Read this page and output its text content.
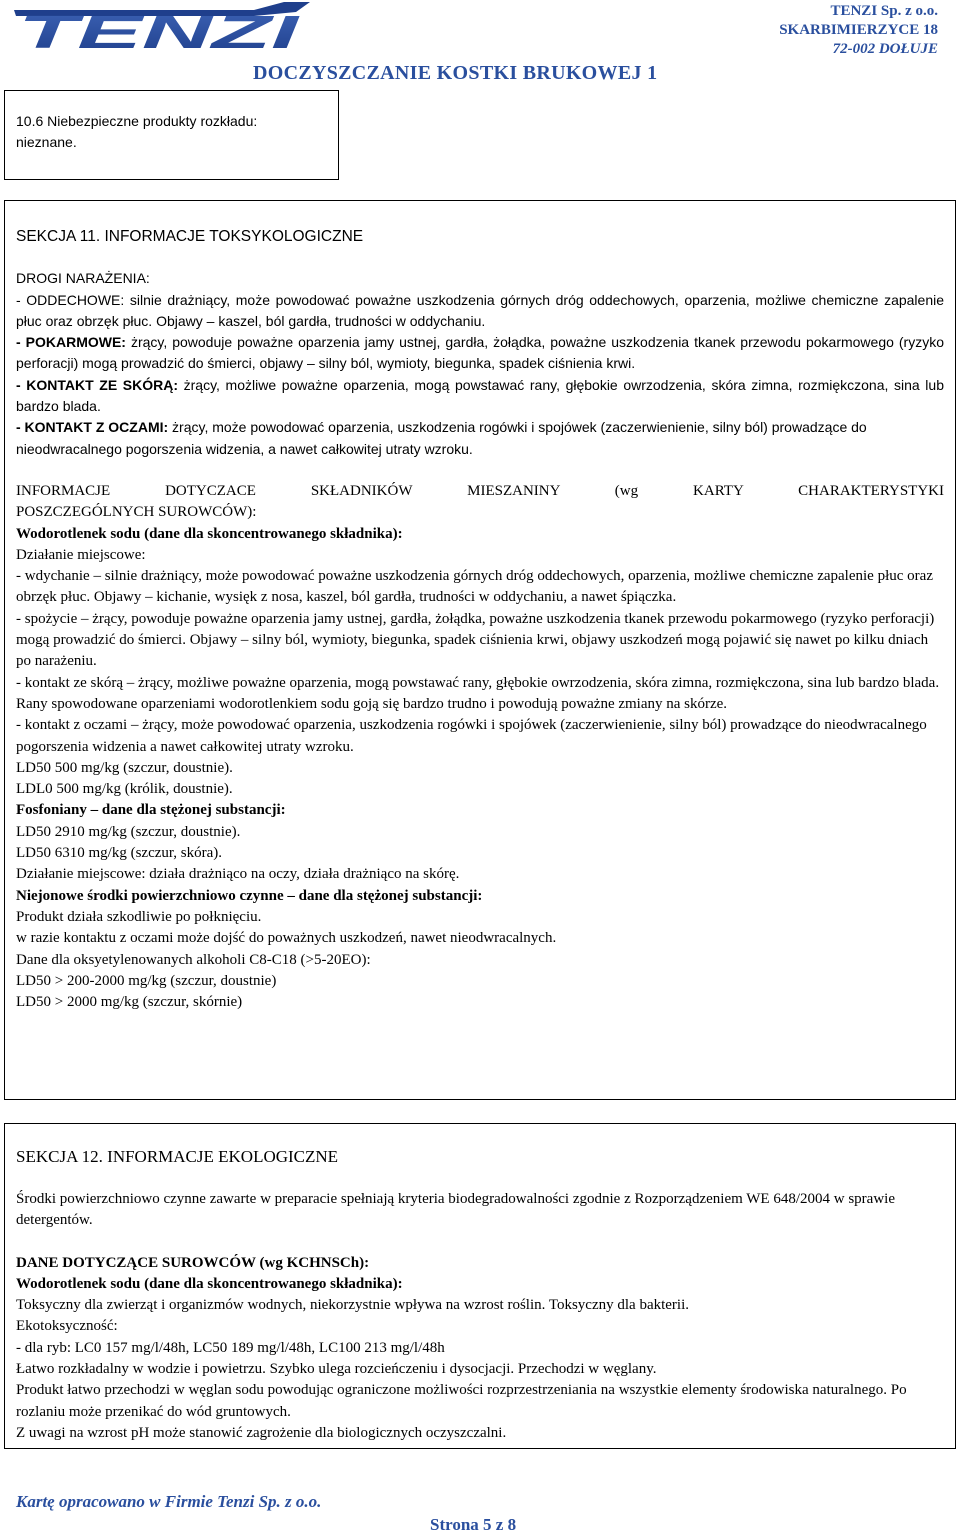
TENZI	TENZI Sp. z o.o.
SKARBIMIERZYCE 18
72-002 DOŁUJE
DOCZYSZCZANIE KOSTKI BRUKOWEJ 1

10.6 Niebezpieczne produkty rozkładu:

nieznane.

SEKCJA 11. INFORMACJE TOKSYKOLOGICZNE

DROGI NARAŻENIA:

- ODDECHOWE: silnie drażniący, może powodować poważne uszkodzenia górnych dróg oddechowych, oparzenia, możliwe chemiczne zapalenie płuc oraz obrzęk płuc. Objawy – kaszel, ból gardła, trudności w oddychaniu.

- POKARMOWE: żrący, powoduje poważne oparzenia jamy ustnej, gardła, żołądka, poważne uszkodzenia tkanek przewodu pokarmowego (ryzyko perforacji) mogą prowadzić do śmierci, objawy – silny ból, wymioty, biegunka, spadek ciśnienia krwi.

- KONTAKT ZE SKÓRĄ: żrący, możliwe poważne oparzenia, mogą powstawać rany, głębokie owrzodzenia, skóra zimna, rozmiękczona, sina lub bardzo blada.

- KONTAKT Z OCZAMI: żrący, może powodować oparzenia, uszkodzenia rogówki i spojówek (zaczerwienienie, silny ból) prowadzące do nieodwracalnego pogorszenia widzenia, a nawet całkowitej utraty wzroku.

INFORMACJE DOTYCZACE SKŁADNIKÓW MIESZANINY (wg KARTY CHARAKTERYSTYKI

POSZCZEGÓLNYCH SUROWCÓW):

Wodorotlenek sodu (dane dla skoncentrowanego składnika):

Działanie miejscowe:

- wdychanie – silnie drażniący, może powodować poważne uszkodzenia górnych dróg oddechowych, oparzenia, możliwe chemiczne zapalenie płuc oraz obrzęk płuc. Objawy – kichanie, wysięk z nosa, kaszel, ból gardła, trudności w oddychaniu, a nawet śpiączka.

- spożycie – żrący, powoduje poważne oparzenia jamy ustnej, gardła, żołądka, poważne uszkodzenia tkanek przewodu pokarmowego (ryzyko perforacji) mogą prowadzić do śmierci. Objawy – silny ból, wymioty, biegunka, spadek ciśnienia krwi, objawy uszkodzeń mogą pojawić się nawet po kilku dniach po narażeniu.

- kontakt ze skórą – żrący, możliwe poważne oparzenia, mogą powstawać rany, głębokie owrzodzenia, skóra zimna, rozmiękczona, sina lub bardzo blada. Rany spowodowane oparzeniami wodorotlenkiem sodu goją się bardzo trudno i powodują poważne zmiany na skórze.

- kontakt z oczami – żrący, może powodować oparzenia, uszkodzenia rogówki i spojówek (zaczerwienienie, silny ból) prowadzące do nieodwracalnego pogorszenia widzenia a nawet całkowitej utraty wzroku.

LD50 500 mg/kg (szczur, doustnie).

LDL0 500 mg/kg (królik, doustnie).

Fosfoniany – dane dla stężonej substancji:

LD50 2910 mg/kg (szczur, doustnie).

LD50 6310 mg/kg (szczur, skóra).

Działanie miejscowe: działa drażniąco na oczy, działa drażniąco na skórę.

Niejonowe środki powierzchniowo czynne – dane dla stężonej substancji:

Produkt działa szkodliwie po połknięciu.

w razie kontaktu z oczami może dojść do poważnych uszkodzeń, nawet nieodwracalnych.

Dane dla oksyetylenowanych alkoholi C8-C18 (>5-20EO):

LD50 > 200-2000 mg/kg (szczur, doustnie)

LD50 > 2000 mg/kg (szczur, skórnie)

SEKCJA 12. INFORMACJE EKOLOGICZNE

Środki powierzchniowo czynne zawarte w preparacie spełniają kryteria biodegradowalności zgodnie z Rozporządzeniem WE 648/2004 w sprawie detergentów.

DANE DOTYCZĄCE SUROWCÓW (wg KCHNSCh):

Wodorotlenek sodu (dane dla skoncentrowanego składnika):

Toksyczny dla zwierząt i organizmów wodnych, niekorzystnie wpływa na wzrost roślin. Toksyczny dla bakterii.

Ekotoksyczność:

- dla ryb: LC0 157 mg/l/48h, LC50 189 mg/l/48h, LC100 213 mg/l/48h

Łatwo rozkładalny w wodzie i powietrzu. Szybko ulega rozcieńczeniu i dysocjacji. Przechodzi w węglany.

Produkt łatwo przechodzi w węglan sodu powodując ograniczone możliwości rozprzestrzeniania na wszystkie elementy środowiska naturalnego. Po rozlaniu może przenikać do wód gruntowych.

Z uwagi na wzrost pH może stanowić zagrożenie dla biologicznych oczyszczalni.

Kartę opracowano w Firmie Tenzi Sp. z o.o.
Strona 5 z 8
